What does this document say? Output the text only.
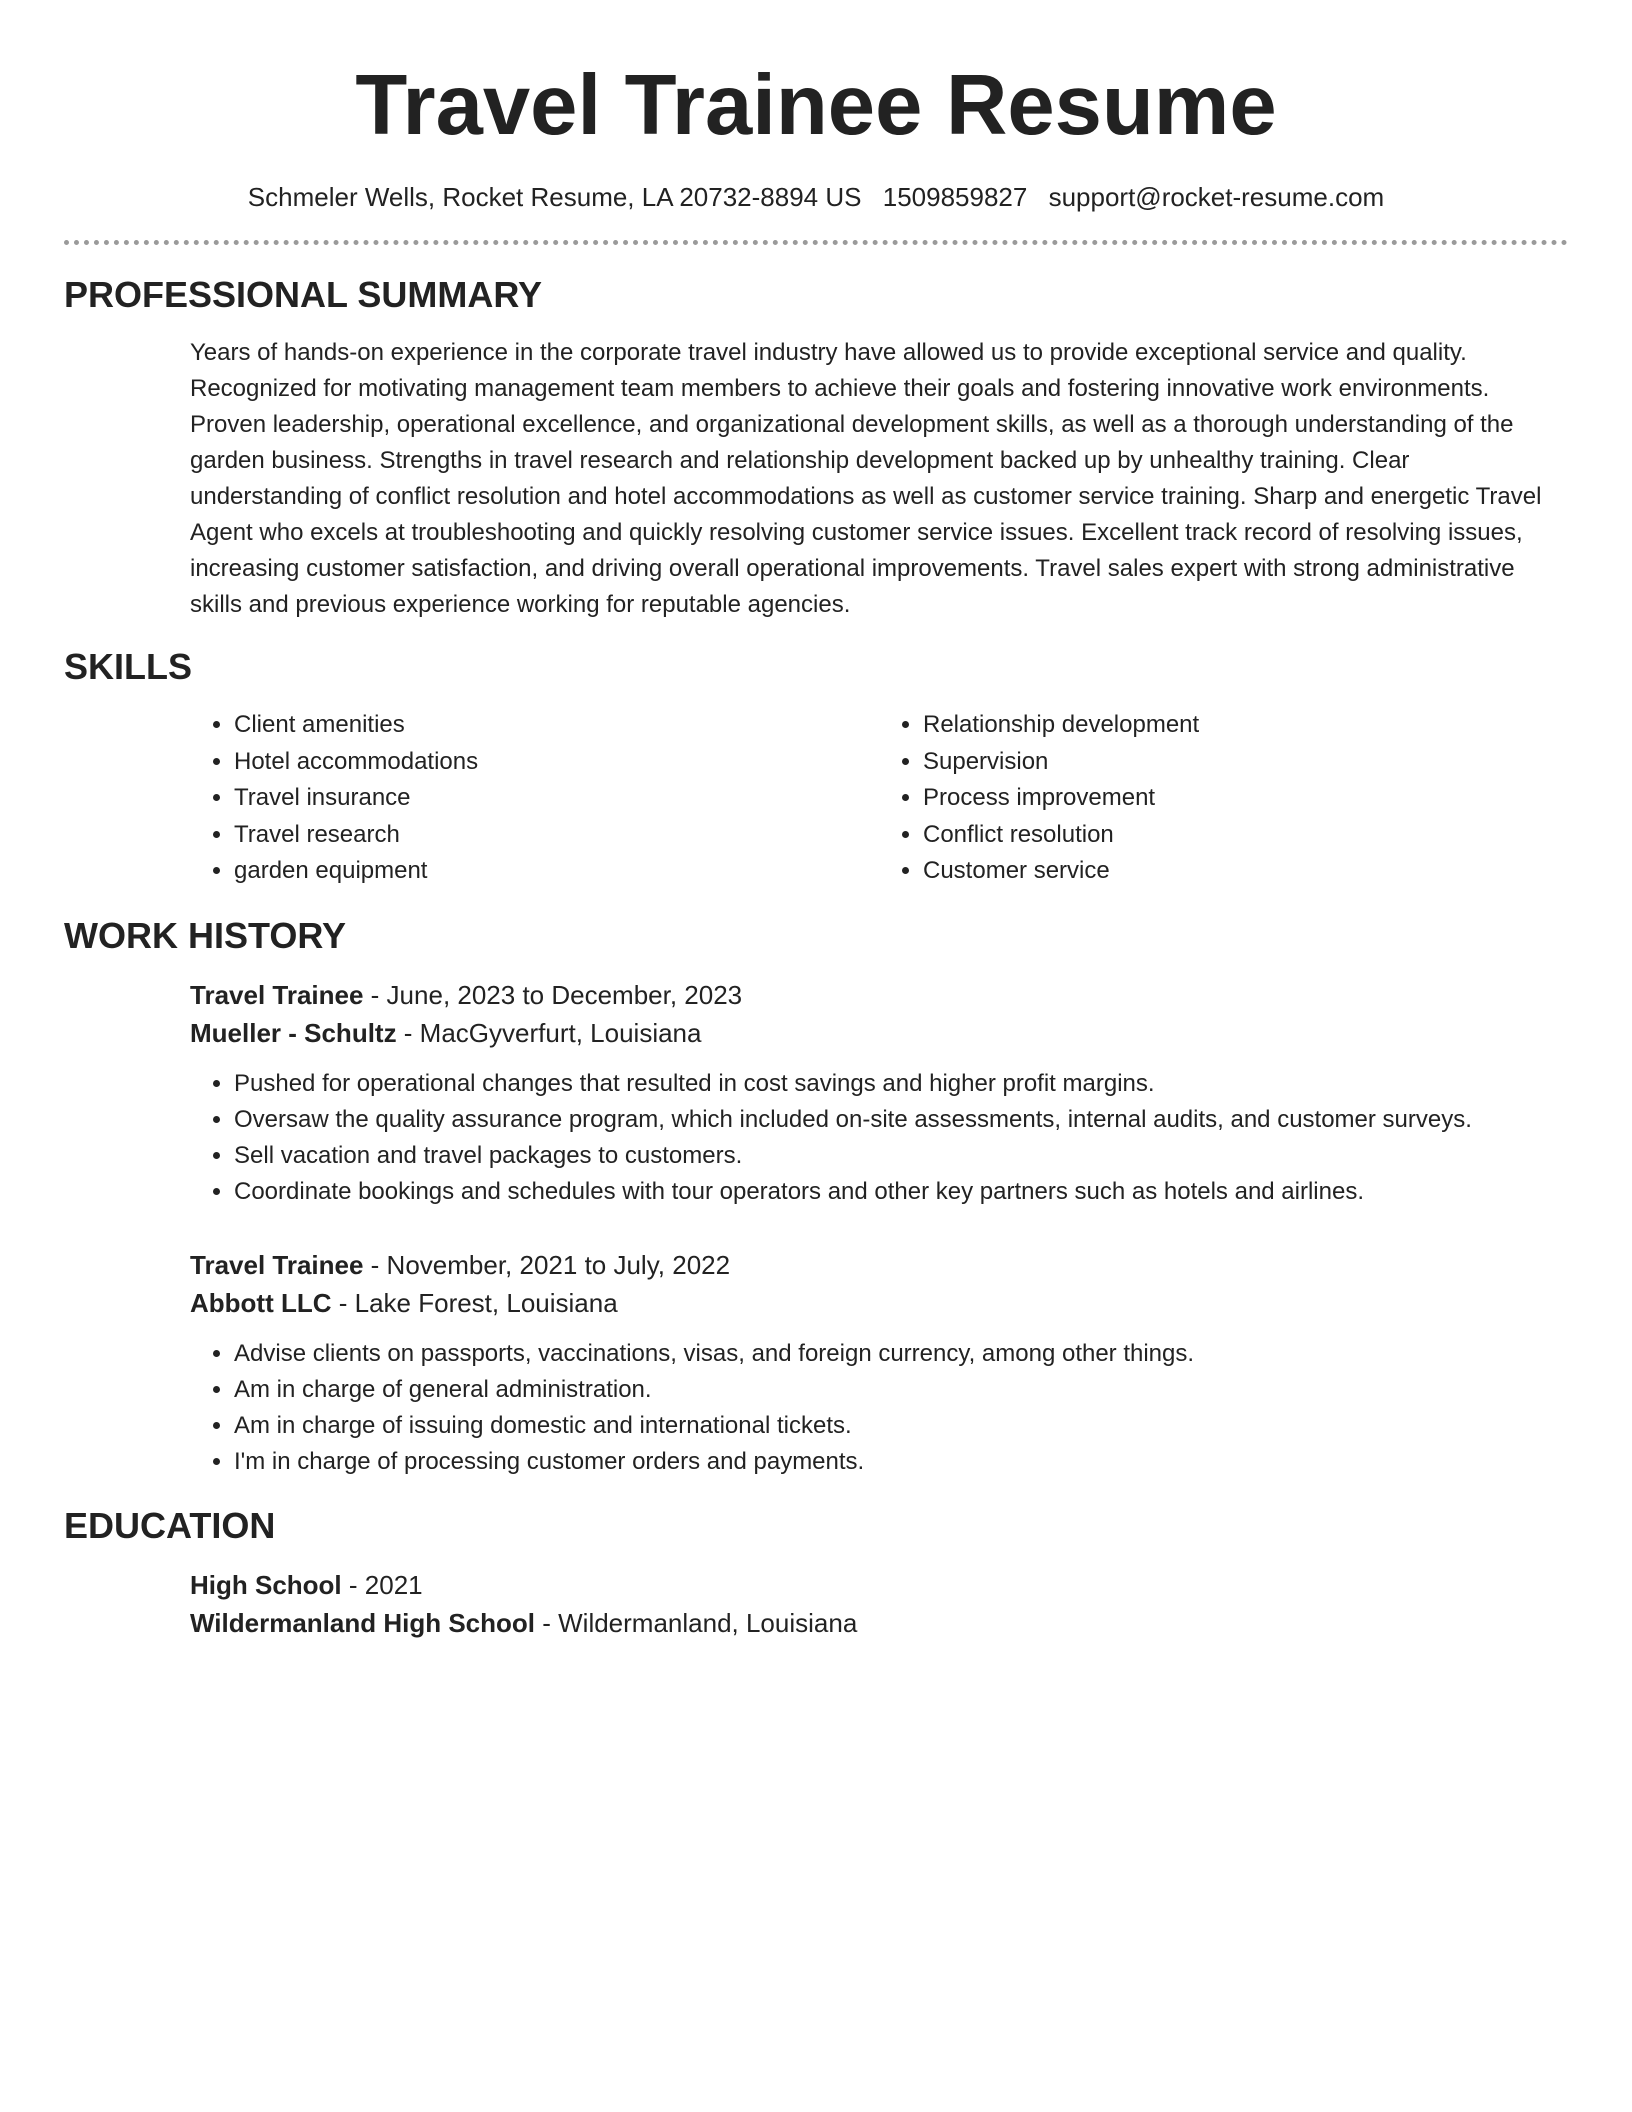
Travel Trainee Resume
Schmeler Wells, Rocket Resume, LA 20732-8894 US 1509859827 support@rocket-resume.com
PROFESSIONAL SUMMARY

Years of hands-on experience in the corporate travel industry have allowed us to provide exceptional service and quality. Recognized for motivating management team members to achieve their goals and fostering innovative work environments. Proven leadership, operational excellence, and organizational development skills, as well as a thorough understanding of the garden business. Strengths in travel research and relationship development backed up by unhealthy training. Clear understanding of conflict resolution and hotel accommodations as well as customer service training. Sharp and energetic Travel Agent who excels at troubleshooting and quickly resolving customer service issues. Excellent track record of resolving issues, increasing customer satisfaction, and driving overall operational improvements. Travel sales expert with strong administrative skills and previous experience working for reputable agencies.

SKILLS
• Client amenities
• Hotel accommodations
• Travel insurance
• Travel research
• garden equipment
• Relationship development
• Supervision
• Process improvement
• Conflict resolution
• Customer service
WORK HISTORY
Travel Trainee - June, 2023 to December, 2023
Mueller - Schultz - MacGyverfurt, Louisiana
• Pushed for operational changes that resulted in cost savings and higher profit margins.
• Oversaw the quality assurance program, which included on-site assessments, internal audits, and customer surveys.
• Sell vacation and travel packages to customers.
• Coordinate bookings and schedules with tour operators and other key partners such as hotels and airlines.
Travel Trainee - November, 2021 to July, 2022
Abbott LLC - Lake Forest, Louisiana
• Advise clients on passports, vaccinations, visas, and foreign currency, among other things.
• Am in charge of general administration.
• Am in charge of issuing domestic and international tickets.
• I'm in charge of processing customer orders and payments.
EDUCATION
High School - 2021
Wildermanland High School - Wildermanland, Louisiana
